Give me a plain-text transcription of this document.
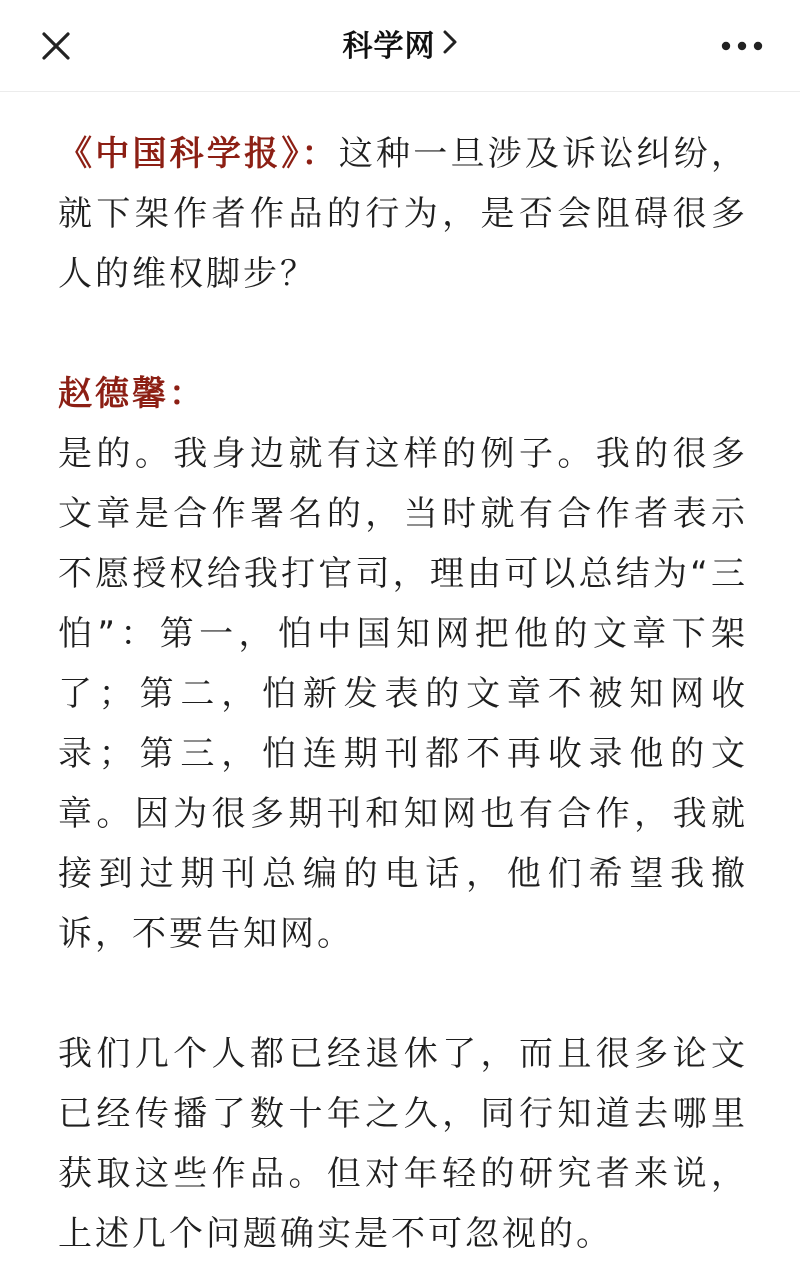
科学网

《中国科学报》：这种一旦涉及诉讼纠纷，就下架作者作品的行为，是否会阻碍很多人的维权脚步？

赵德馨：

是的。我身边就有这样的例子。我的很多文章是合作署名的，当时就有合作者表示不愿授权给我打官司，理由可以总结为“三怕”：第一，怕中国知网把他的文章下架了；第二，怕新发表的文章不被知网收录；第三，怕连期刊都不再收录他的文章。因为很多期刊和知网也有合作，我就接到过期刊总编的电话，他们希望我撤诉，不要告知网。

我们几个人都已经退休了，而且很多论文已经传播了数十年之久，同行知道去哪里获取这些作品。但对年轻的研究者来说，上述几个问题确实是不可忽视的。
